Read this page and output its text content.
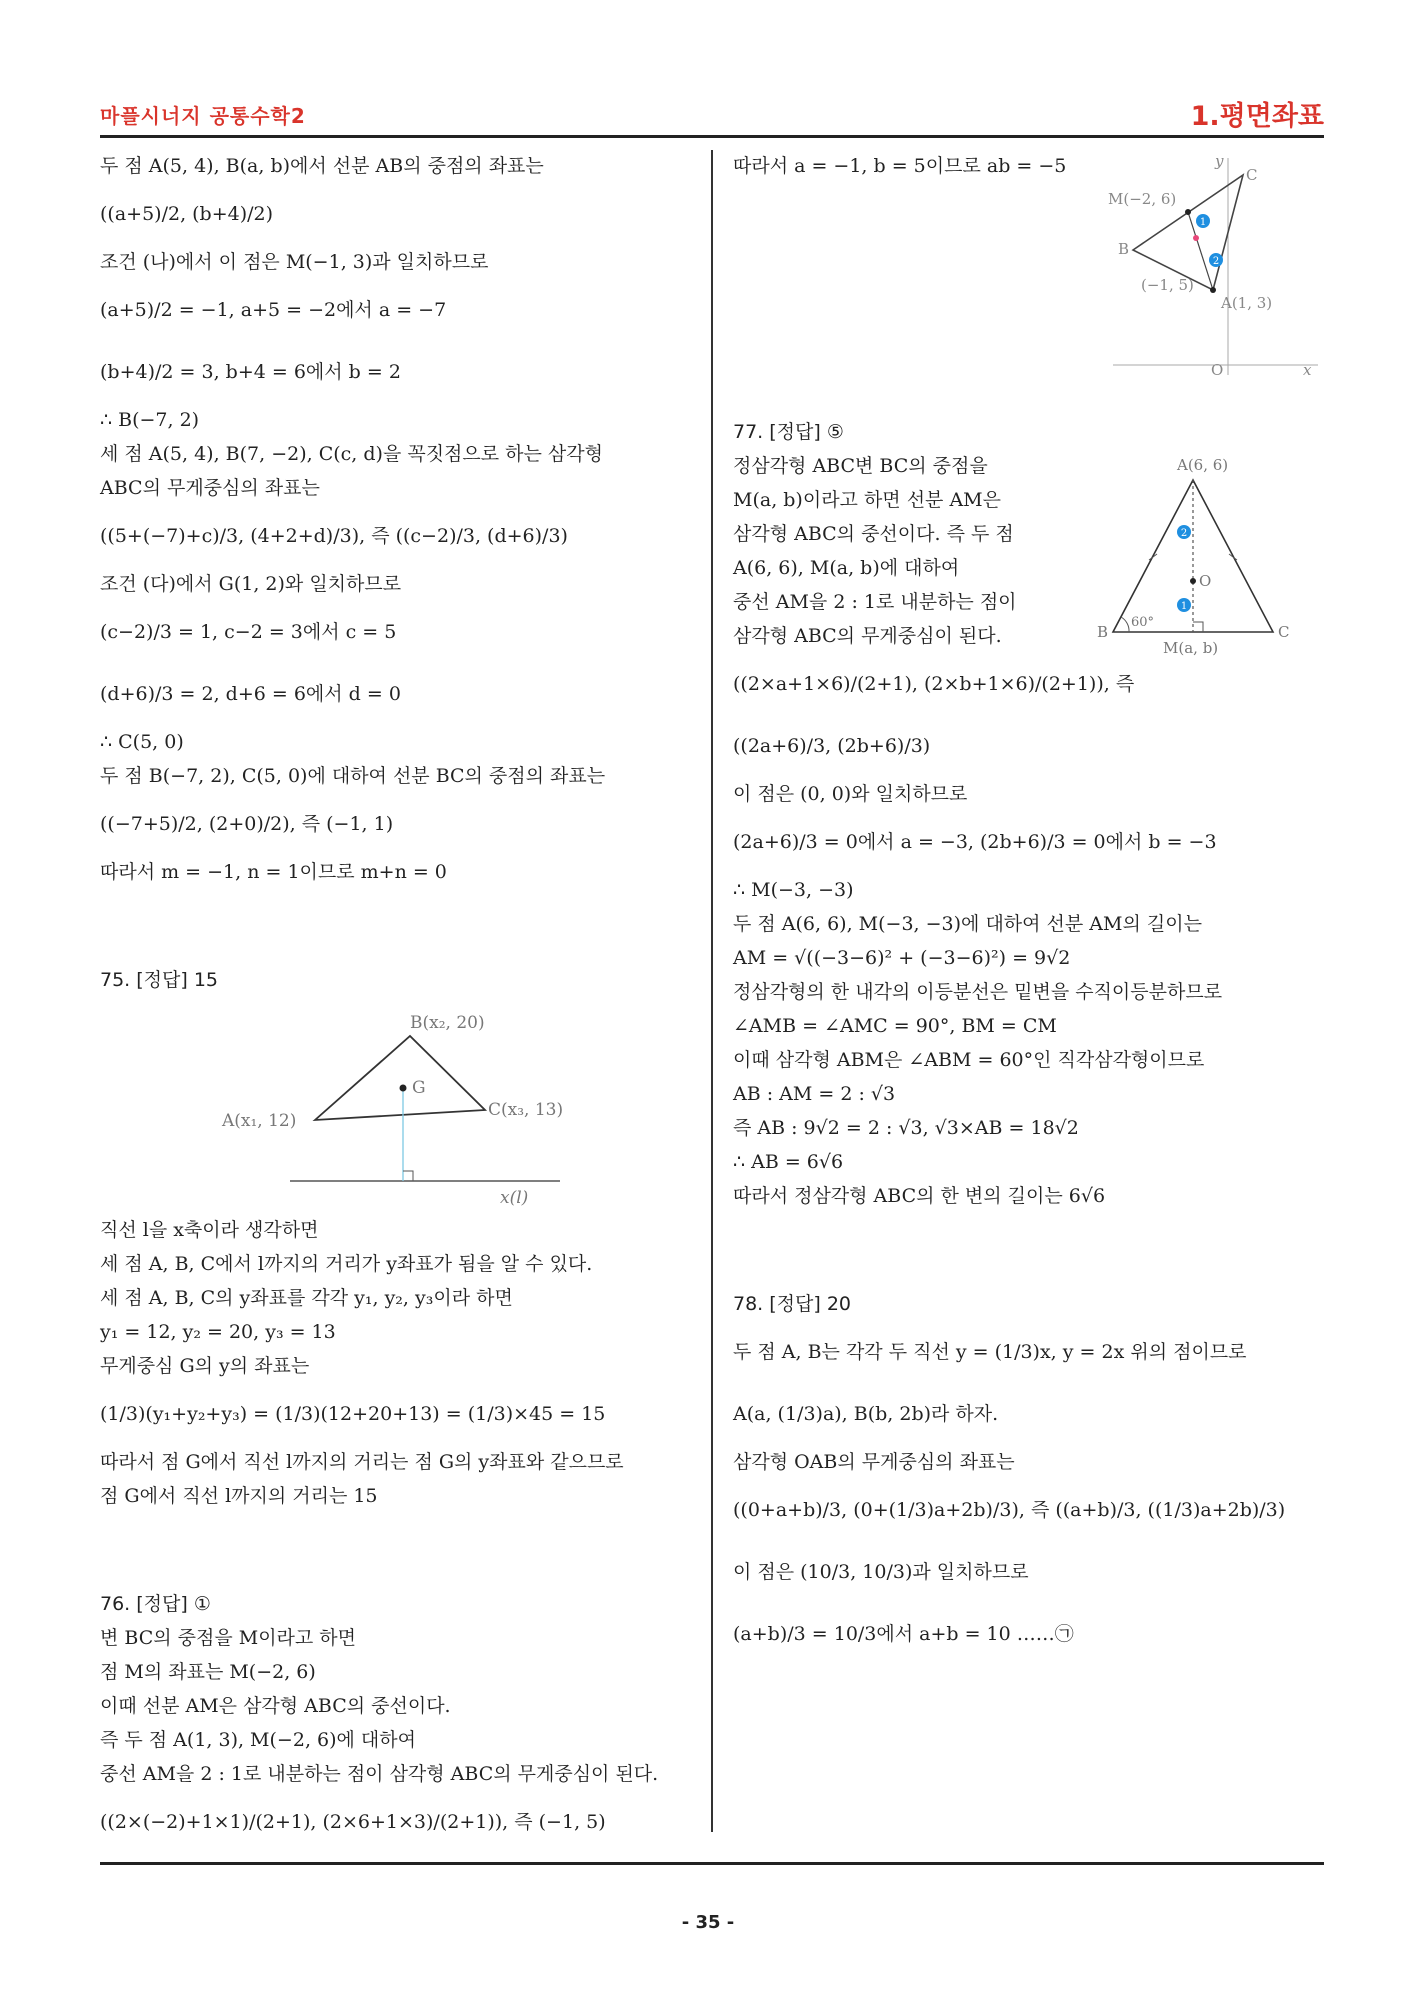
마플시너지 공통수학2	1.평면좌표
두 점 A(5, 4), B(a, b)에서 선분 AB의 중점의 좌표는
((a+5)/2, (b+4)/2)
조건 (나)에서 이 점은 M(−1, 3)과 일치하므로
(a+5)/2 = −1, a+5 = −2에서 a = −7
(b+4)/2 = 3, b+4 = 6에서 b = 2
∴ B(−7, 2)
세 점 A(5, 4), B(7, −2), C(c, d)을 꼭짓점으로 하는 삼각형
ABC의 무게중심의 좌표는
((5+(−7)+c)/3, (4+2+d)/3), 즉 ((c−2)/3, (d+6)/3)
조건 (다)에서 G(1, 2)와 일치하므로
(c−2)/3 = 1, c−2 = 3에서 c = 5
(d+6)/3 = 2, d+6 = 6에서 d = 0
∴ C(5, 0)
두 점 B(−7, 2), C(5, 0)에 대하여 선분 BC의 중점의 좌표는
((−7+5)/2, (2+0)/2), 즉 (−1, 1)
따라서 m = −1, n = 1이므로 m+n = 0
75. [정답] 15
B(x₂, 20)
G
C(x₃, 13)
A(x₁, 12)
x(l)
직선 l을 x축이라 생각하면
세 점 A, B, C에서 l까지의 거리가 y좌표가 됨을 알 수 있다.
세 점 A, B, C의 y좌표를 각각 y₁, y₂, y₃이라 하면
y₁ = 12, y₂ = 20, y₃ = 13
무게중심 G의 y의 좌표는
(1/3)(y₁+y₂+y₃) = (1/3)(12+20+13) = (1/3)×45 = 15
따라서 점 G에서 직선 l까지의 거리는 점 G의 y좌표와 같으므로
점 G에서 직선 l까지의 거리는 15
76. [정답] ①
변 BC의 중점을 M이라고 하면
점 M의 좌표는 M(−2, 6)
이때 선분 AM은 삼각형 ABC의 중선이다.
즉 두 점 A(1, 3), M(−2, 6)에 대하여
중선 AM을 2 : 1로 내분하는 점이 삼각형 ABC의 무게중심이 된다.
((2×(−2)+1×1)/(2+1), (2×6+1×3)/(2+1)), 즉 (−1, 5)
따라서 a = −1, b = 5이므로 ab = −5
1
2
y
C
M(−2, 6)
B
(−1, 5)
A(1, 3)
O	x
77. [정답] ⑤
정삼각형 ABC변 BC의 중점을
M(a, b)이라고 하면 선분 AM은
삼각형 ABC의 중선이다. 즉 두 점
A(6, 6), M(a, b)에 대하여
중선 AM을 2 : 1로 내분하는 점이
삼각형 ABC의 무게중심이 된다.
((2×a+1×6)/(2+1), (2×b+1×6)/(2+1)), 즉
((2a+6)/3, (2b+6)/3)
2
1
A(6, 6)
O
B	C
60°
M(a, b)
이 점은 (0, 0)와 일치하므로
(2a+6)/3 = 0에서 a = −3, (2b+6)/3 = 0에서 b = −3
∴ M(−3, −3)
두 점 A(6, 6), M(−3, −3)에 대하여 선분 AM의 길이는
AM = √((−3−6)² + (−3−6)²) = 9√2
정삼각형의 한 내각의 이등분선은 밑변을 수직이등분하므로
∠AMB = ∠AMC = 90°, BM = CM
이때 삼각형 ABM은 ∠ABM = 60°인 직각삼각형이므로
AB : AM = 2 : √3
즉 AB : 9√2 = 2 : √3, √3×AB = 18√2
∴ AB = 6√6
따라서 정삼각형 ABC의 한 변의 길이는 6√6
78. [정답] 20
두 점 A, B는 각각 두 직선 y = (1/3)x, y = 2x 위의 점이므로
A(a, (1/3)a), B(b, 2b)라 하자.
삼각형 OAB의 무게중심의 좌표는
((0+a+b)/3, (0+(1/3)a+2b)/3), 즉 ((a+b)/3, ((1/3)a+2b)/3)
이 점은 (10/3, 10/3)과 일치하므로
(a+b)/3 = 10/3에서 a+b = 10 ……㉠
- 35 -
